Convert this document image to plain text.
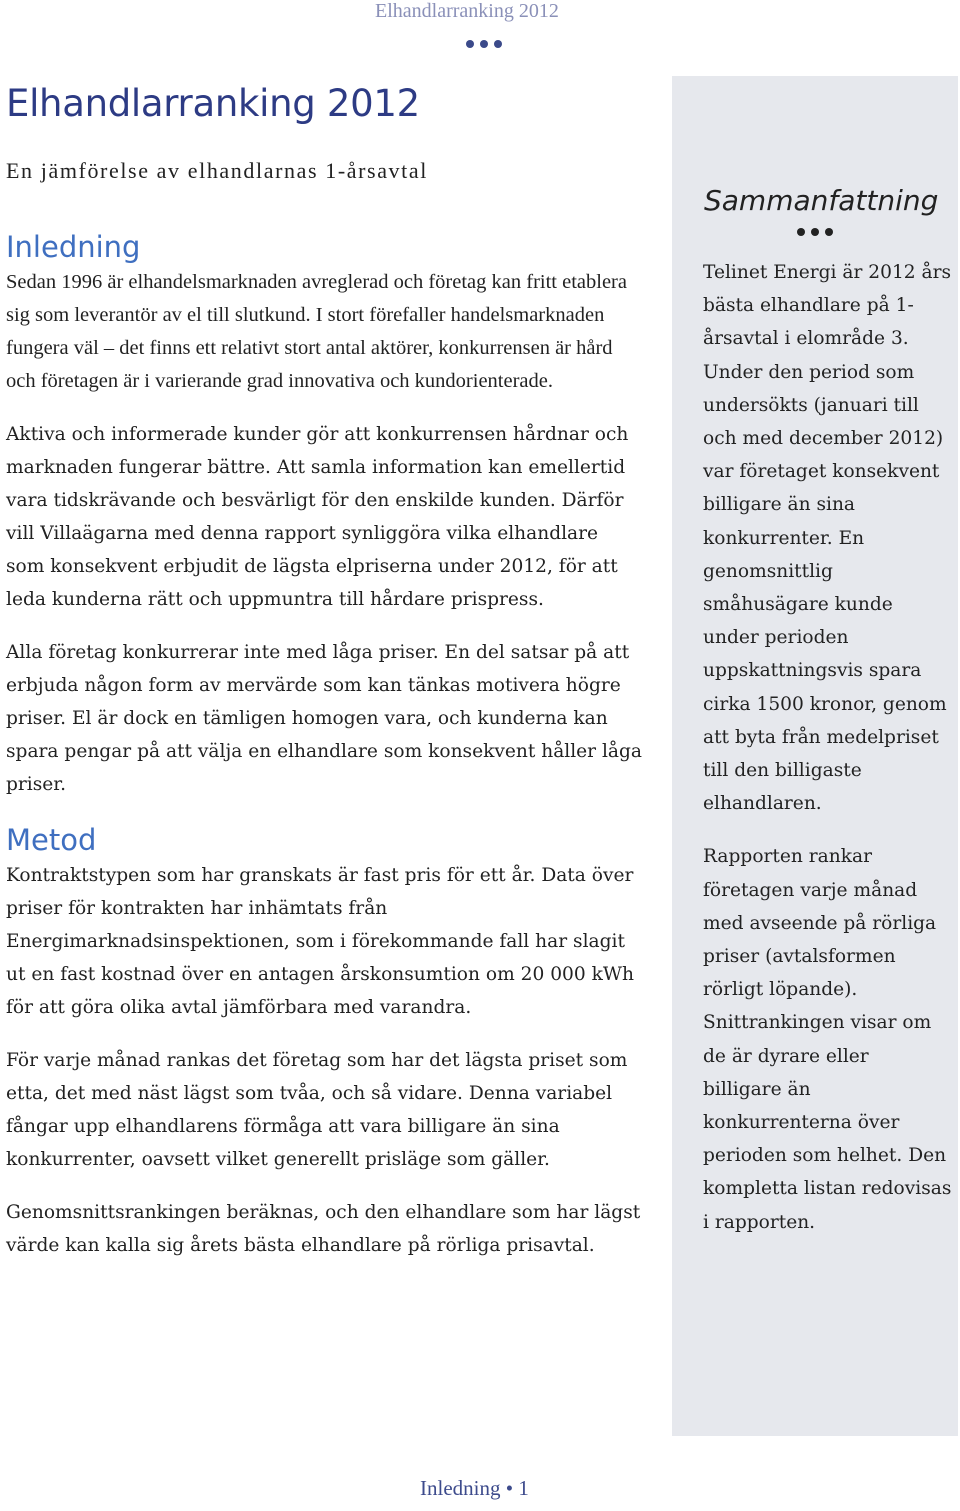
Elhandlarranking 2012
Elhandlarranking 2012
En jämförelse av elhandlarnas 1-årsavtal
Inledning

Sedan 1996 är elhandelsmarknaden avreglerad och företag kan fritt etablera sig som leverantör av el till slutkund. I stort förefaller handelsmarknaden fungera väl – det finns ett relativt stort antal aktörer, konkurrensen är hård och företagen är i varierande grad innovativa och kundorienterade.

Aktiva och informerade kunder gör att konkurrensen hårdnar och marknaden fungerar bättre. Att samla information kan emellertid vara tidskrävande och besvärligt för den enskilde kunden. Därför vill Villaägarna med denna rapport synliggöra vilka elhandlare som konsekvent erbjudit de lägsta elpriserna under 2012, för att leda kunderna rätt och uppmuntra till hårdare prispress.

Alla företag konkurrerar inte med låga priser. En del satsar på att erbjuda någon form av mervärde som kan tänkas motivera högre priser. El är dock en tämligen homogen vara, och kunderna kan spara pengar på att välja en elhandlare som konsekvent håller låga priser.

Metod

Kontraktstypen som har granskats är fast pris för ett år. Data över priser för kontrakten har inhämtats från Energimarknadsinspektionen, som i förekommande fall har slagit ut en fast kostnad över en antagen årskonsumtion om 20 000 kWh för att göra olika avtal jämförbara med varandra.

För varje månad rankas det företag som har det lägsta priset som etta, det med näst lägst som tvåa, och så vidare. Denna variabel fångar upp elhandlarens förmåga att vara billigare än sina konkurrenter, oavsett vilket generellt prisläge som gäller.

Genomsnittsrankingen beräknas, och den elhandlare som har lägst värde kan kalla sig årets bästa elhandlare på rörliga prisavtal.

Sammanfattning

Telinet Energi är 2012 års bästa elhandlare på 1-årsavtal i elområde 3. Under den period som undersökts (januari till och med december 2012) var företaget konsekvent billigare än sina konkurrenter. En genomsnittlig småhusägare kunde under perioden uppskattningsvis spara cirka 1500 kronor, genom att byta från medelpriset till den billigaste elhandlaren.

Rapporten rankar företagen varje månad med avseende på rörliga priser (avtalsformen rörligt löpande). Snittrankingen visar om de är dyrare eller billigare än konkurrenterna över perioden som helhet. Den kompletta listan redovisas i rapporten.

Inledning • 1
